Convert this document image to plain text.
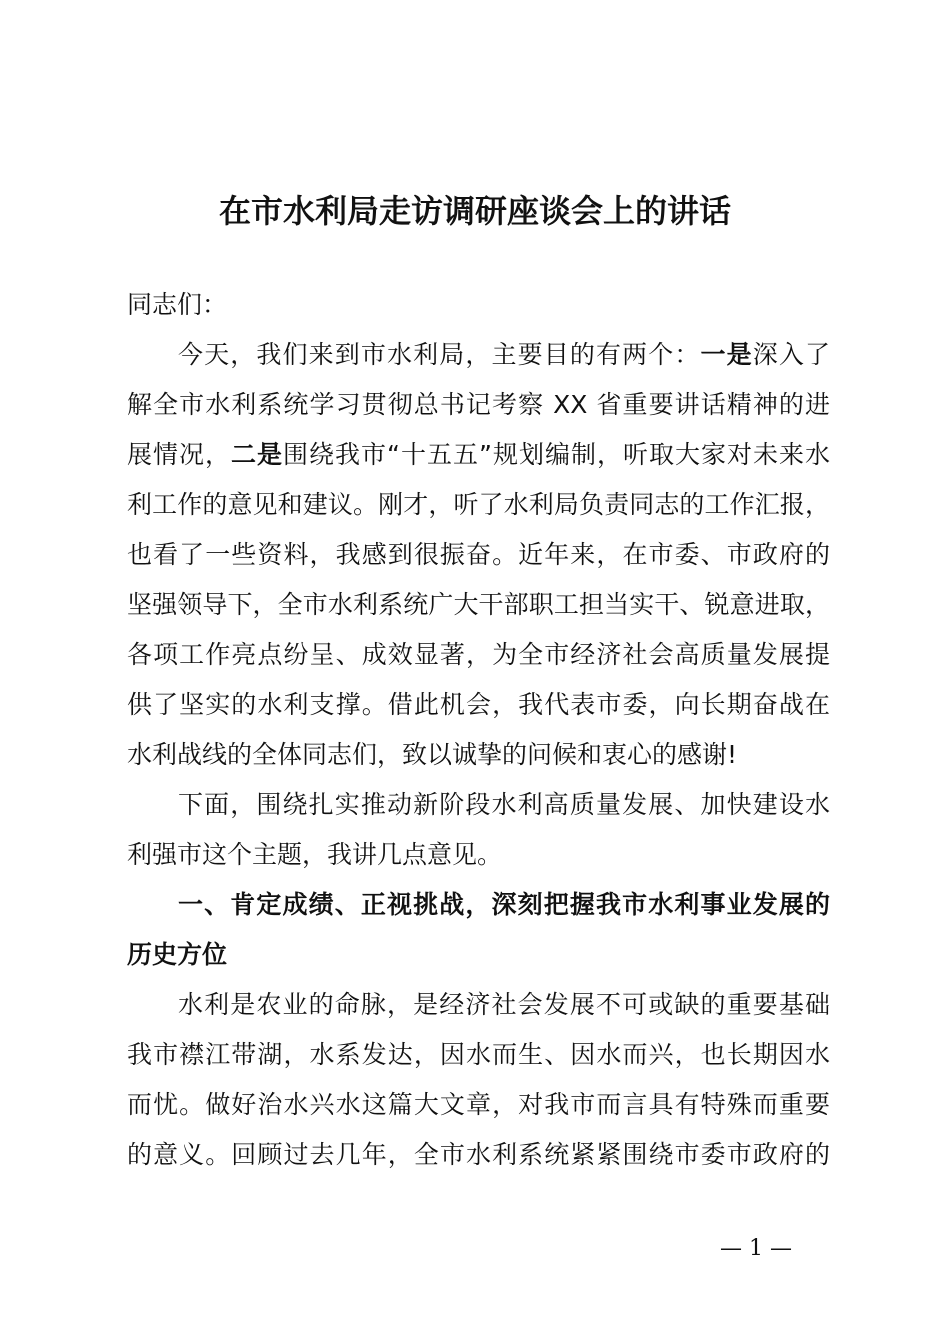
在市水利局走访调研座谈会上的讲话
同志们：
今天，我们来到市水利局，主要目的有两个：一是深入了
解全市水利系统学习贯彻总书记考察 XX 省重要讲话精神的进
展情况，二是围绕我市“十五五”规划编制，听取大家对未来水
利工作的意见和建议。刚才，听了水利局负责同志的工作汇报，
也看了一些资料，我感到很振奋。近年来，在市委、市政府的
坚强领导下，全市水利系统广大干部职工担当实干、锐意进取，
各项工作亮点纷呈、成效显著，为全市经济社会高质量发展提
供了坚实的水利支撑。借此机会，我代表市委，向长期奋战在
水利战线的全体同志们，致以诚挚的问候和衷心的感谢!
下面，围绕扎实推动新阶段水利高质量发展、加快建设水
利强市这个主题，我讲几点意见。
一、肯定成绩、正视挑战，深刻把握我市水利事业发展的
历史方位
水利是农业的命脉，是经济社会发展不可或缺的重要基础
我市襟江带湖，水系发达，因水而生、因水而兴，也长期因水
而忧。做好治水兴水这篇大文章，对我市而言具有特殊而重要
的意义。回顾过去几年，全市水利系统紧紧围绕市委市政府的
— 1 —
